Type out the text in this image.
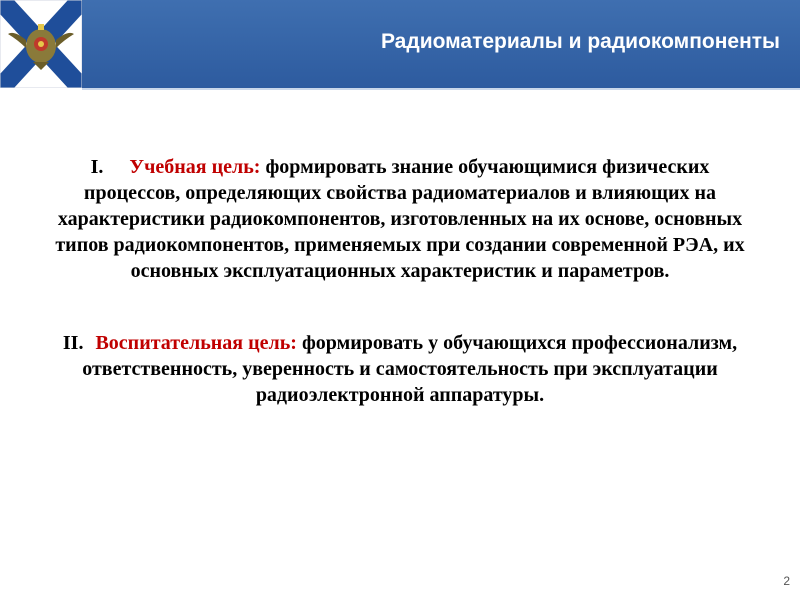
Радиоматериалы и радиокомпоненты

I. Учебная цель: формировать знание обучающимися физических процессов, определяющих свойства радиоматериалов и влияющих на характеристики радиокомпонентов, изготовленных на их основе, основных типов радиокомпонентов, применяемых при создании современной РЭА, их основных эксплуатационных характеристик и параметров.

II. Воспитательная цель: формировать у обучающихся профессионализм, ответственность, уверенность и самостоятельность при эксплуатации радиоэлектронной аппаратуры.

2
